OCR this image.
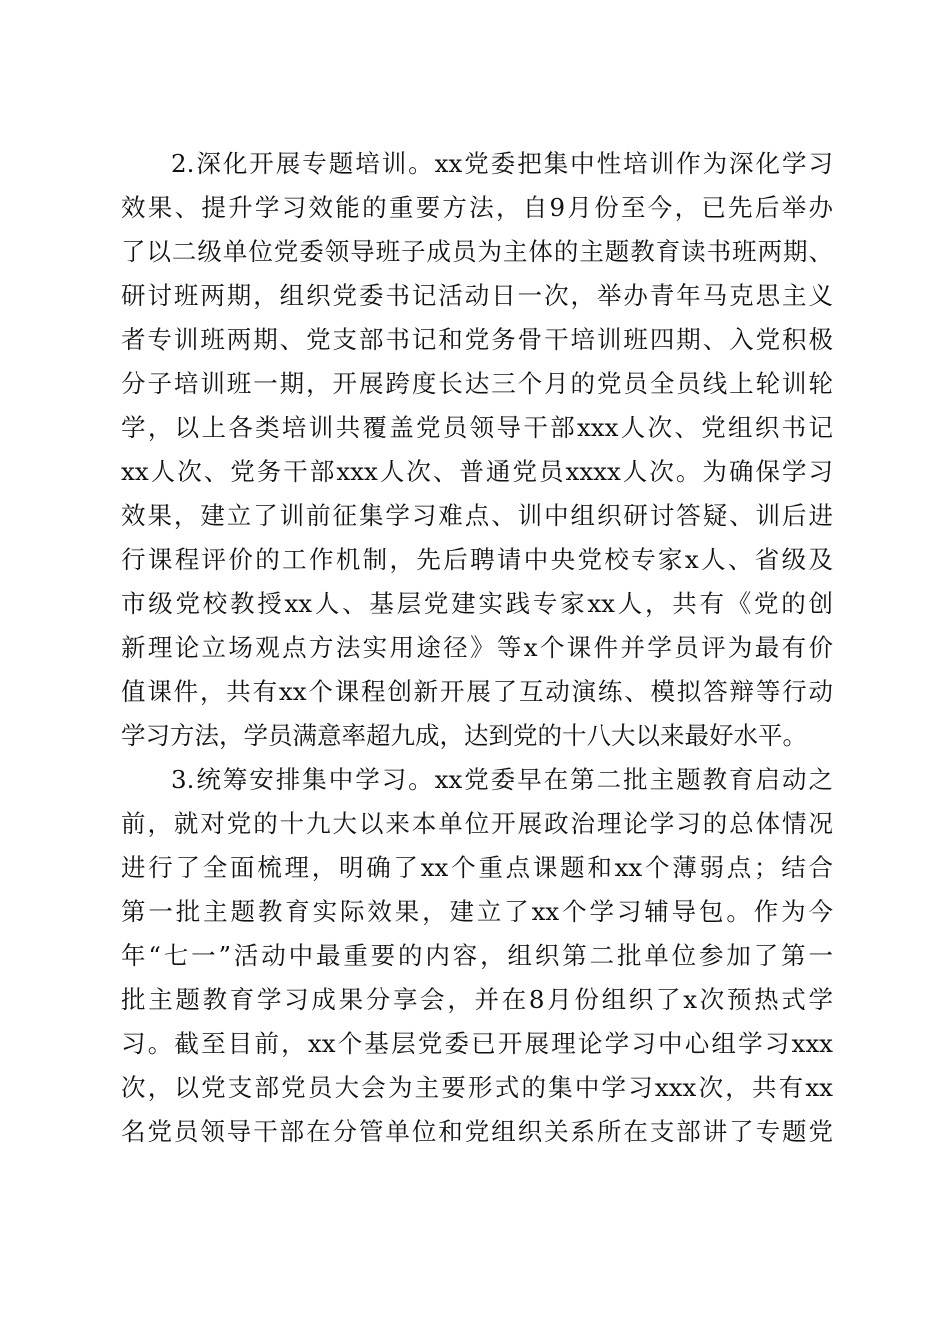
2.深化开展专题培训。xx党委把集中性培训作为深化学习
效果、提升学习效能的重要方法，自9月份至今，已先后举办
了以二级单位党委领导班子成员为主体的主题教育读书班两期、
研讨班两期，组织党委书记活动日一次，举办青年马克思主义
者专训班两期、党支部书记和党务骨干培训班四期、入党积极
分子培训班一期，开展跨度长达三个月的党员全员线上轮训轮
学，以上各类培训共覆盖党员领导干部xxx人次、党组织书记
xx人次、党务干部xxx人次、普通党员xxxx人次。为确保学习
效果，建立了训前征集学习难点、训中组织研讨答疑、训后进
行课程评价的工作机制，先后聘请中央党校专家x人、省级及
市级党校教授xx人、基层党建实践专家xx人，共有《党的创
新理论立场观点方法实用途径》等x个课件并学员评为最有价
值课件，共有xx个课程创新开展了互动演练、模拟答辩等行动
学习方法，学员满意率超九成，达到党的十八大以来最好水平。
3.统筹安排集中学习。xx党委早在第二批主题教育启动之
前，就对党的十九大以来本单位开展政治理论学习的总体情况
进行了全面梳理，明确了xx个重点课题和xx个薄弱点；结合
第一批主题教育实际效果，建立了xx个学习辅导包。作为今
年“七一”活动中最重要的内容，组织第二批单位参加了第一
批主题教育学习成果分享会，并在8月份组织了x次预热式学
习。截至目前，xx个基层党委已开展理论学习中心组学习xxx
次，以党支部党员大会为主要形式的集中学习xxx次，共有xx
名党员领导干部在分管单位和党组织关系所在支部讲了专题党
